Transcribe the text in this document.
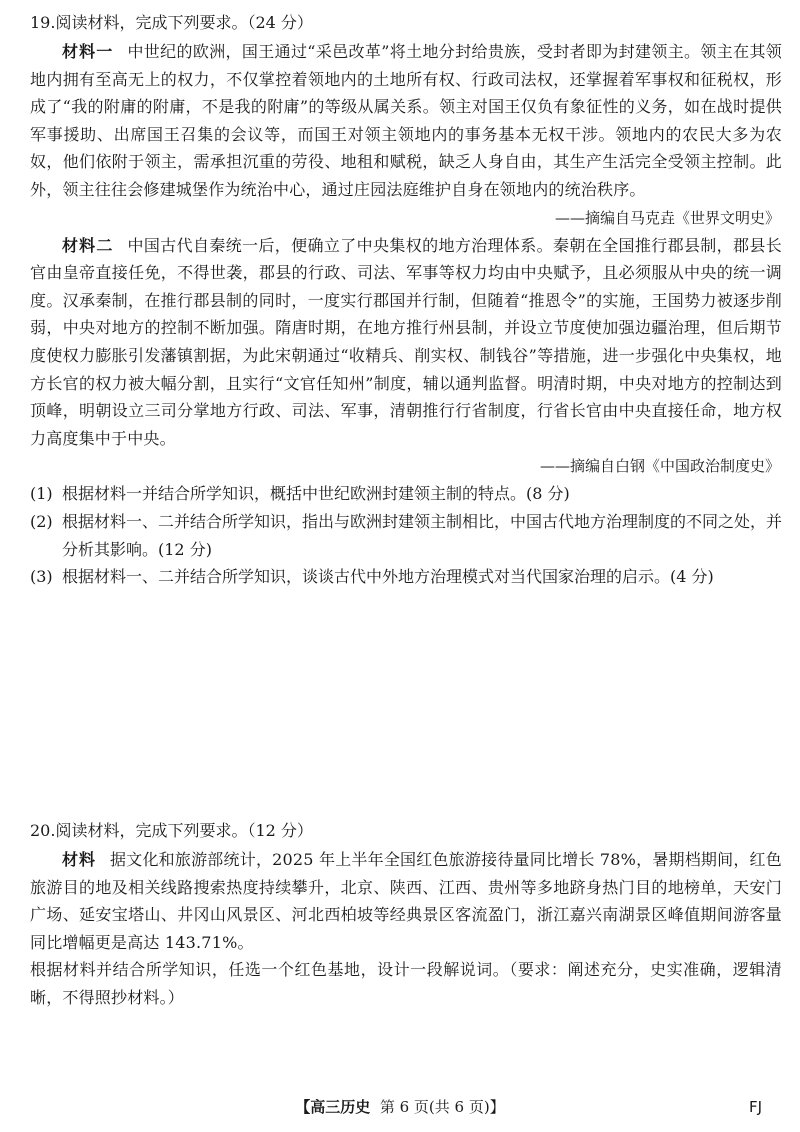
19.阅读材料，完成下列要求。（24 分）

材料一 中世纪的欧洲，国王通过“采邑改革”将土地分封给贵族，受封者即为封建领主。领主在其领地内拥有至高无上的权力，不仅掌控着领地内的土地所有权、行政司法权，还掌握着军事权和征税权，形成了“我的附庸的附庸，不是我的附庸”的等级从属关系。领主对国王仅负有象征性的义务，如在战时提供军事援助、出席国王召集的会议等，而国王对领主领地内的事务基本无权干涉。领地内的农民大多为农奴，他们依附于领主，需承担沉重的劳役、地租和赋税，缺乏人身自由，其生产生活完全受领主控制。此外，领主往往会修建城堡作为统治中心，通过庄园法庭维护自身在领地内的统治秩序。

——摘编自马克垚《世界文明史》

材料二 中国古代自秦统一后，便确立了中央集权的地方治理体系。秦朝在全国推行郡县制，郡县长官由皇帝直接任免，不得世袭，郡县的行政、司法、军事等权力均由中央赋予，且必须服从中央的统一调度。汉承秦制，在推行郡县制的同时，一度实行郡国并行制，但随着“推恩令”的实施，王国势力被逐步削弱，中央对地方的控制不断加强。隋唐时期，在地方推行州县制，并设立节度使加强边疆治理，但后期节度使权力膨胀引发藩镇割据，为此宋朝通过“收精兵、削实权、制钱谷”等措施，进一步强化中央集权，地方长官的权力被大幅分割，且实行“文官任知州”制度，辅以通判监督。明清时期，中央对地方的控制达到顶峰，明朝设立三司分掌地方行政、司法、军事，清朝推行行省制度，行省长官由中央直接任命，地方权力高度集中于中央。

——摘编自白钢《中国政治制度史》

(1) 根据材料一并结合所学知识，概括中世纪欧洲封建领主制的特点。(8 分)

(2) 根据材料一、二并结合所学知识，指出与欧洲封建领主制相比，中国古代地方治理制度的不同之处，并分析其影响。(12 分)

(3) 根据材料一、二并结合所学知识，谈谈古代中外地方治理模式对当代国家治理的启示。(4 分)

20.阅读材料，完成下列要求。（12 分）

材料 据文化和旅游部统计，2025 年上半年全国红色旅游接待量同比增长 78%，暑期档期间，红色旅游目的地及相关线路搜索热度持续攀升，北京、陕西、江西、贵州等多地跻身热门目的地榜单，天安门广场、延安宝塔山、井冈山风景区、河北西柏坡等经典景区客流盈门，浙江嘉兴南湖景区峰值期间游客量同比增幅更是高达 143.71%。

根据材料并结合所学知识，任选一个红色基地，设计一段解说词。（要求：阐述充分，史实准确，逻辑清晰，不得照抄材料。）

【高三历史 第 6 页(共 6 页)】	FJ
